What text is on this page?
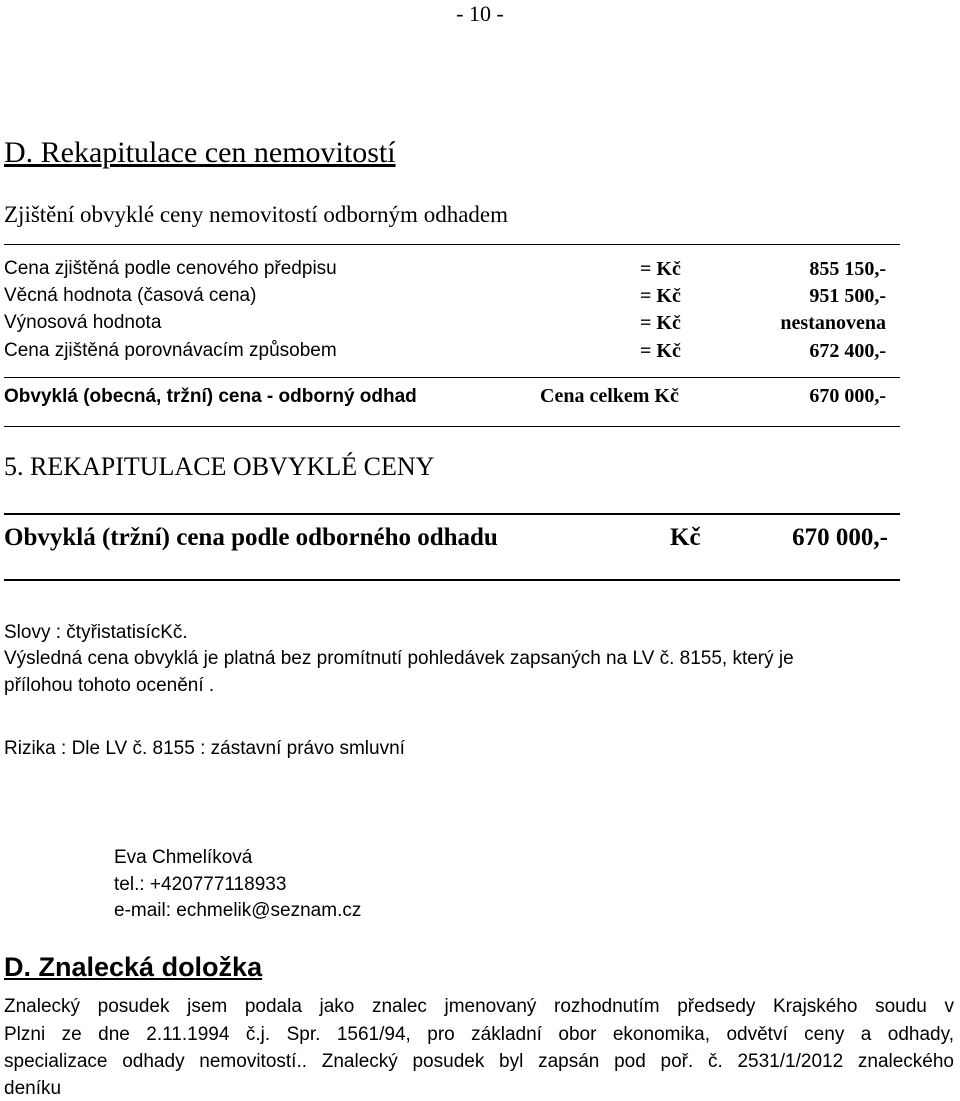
- 10 -
D. Rekapitulace cen nemovitostí
Zjištění obvyklé ceny nemovitostí odborným odhadem
Cena zjištěná podle cenového předpisu	= Kč	855 150,-
Věcná hodnota (časová cena)	= Kč	951 500,-
Výnosová hodnota	= Kč	nestanovena
Cena zjištěná porovnávacím způsobem	= Kč	672 400,-
Obvyklá (obecná, tržní) cena - odborný odhad	Cena celkem Kč	670 000,-
5. REKAPITULACE OBVYKLÉ CENY
Obvyklá (tržní) cena podle odborného odhadu	Kč	670 000,-
Slovy : čtyřistatisícKč.
Výsledná cena obvyklá je platná bez promítnutí pohledávek zapsaných na LV č. 8155, který je
přílohou tohoto ocenění .
Rizika : Dle LV č. 8155 : zástavní právo smluvní
Eva Chmelíková
tel.: +420777118933
e-mail: echmelik@seznam.cz
D. Znalecká doložka
Znalecký posudek jsem podala jako znalec jmenovaný rozhodnutím předsedy Krajského soudu v
Plzni ze dne 2.11.1994 č.j. Spr. 1561/94, pro základní obor ekonomika, odvětví ceny a odhady,
specializace odhady nemovitostí.. Znalecký posudek byl zapsán pod poř. č. 2531/1/2012 znaleckého
deníku
